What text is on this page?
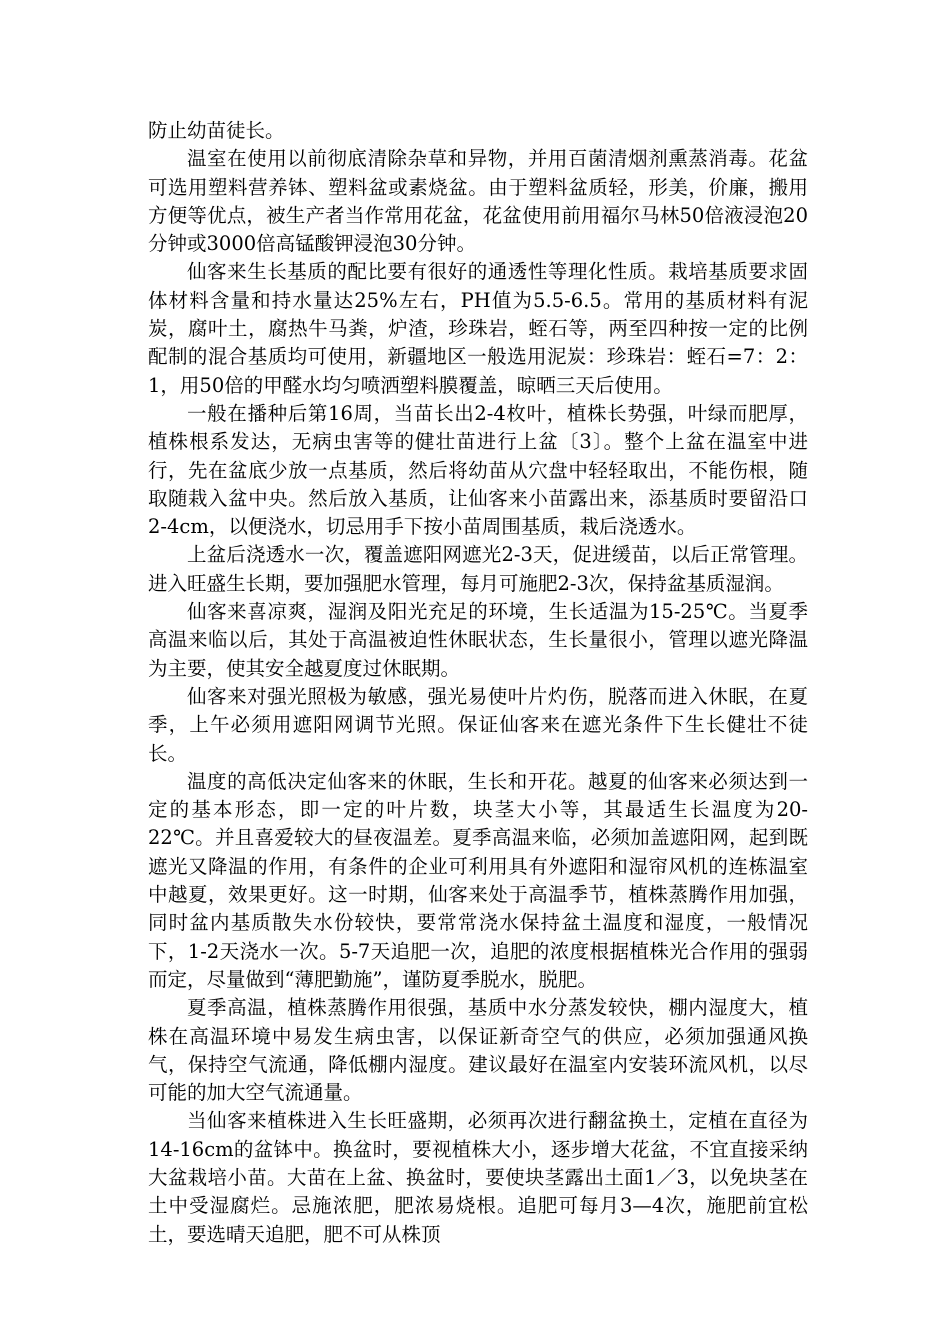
防止幼苗徒长。

温室在使用以前彻底清除杂草和异物，并用百菌清烟剂熏蒸消毒。花盆可选用塑料营养钵、塑料盆或素烧盆。由于塑料盆质轻，形美，价廉，搬用方便等优点，被生产者当作常用花盆，花盆使用前用福尔马林50倍液浸泡20分钟或3000倍高锰酸钾浸泡30分钟。

仙客来生长基质的配比要有很好的通透性等理化性质。栽培基质要求固体材料含量和持水量达25%左右，PH值为5.5-6.5。常用的基质材料有泥炭，腐叶土，腐热牛马粪，炉渣，珍珠岩，蛭石等，两至四种按一定的比例配制的混合基质均可使用，新疆地区一般选用泥炭：珍珠岩：蛭石=7：2：1，用50倍的甲醛水均匀喷洒塑料膜覆盖，晾晒三天后使用。

一般在播种后第16周，当苗长出2-4枚叶，植株长势强，叶绿而肥厚，植株根系发达，无病虫害等的健壮苗进行上盆〔3〕。整个上盆在温室中进行，先在盆底少放一点基质，然后将幼苗从穴盘中轻轻取出，不能伤根，随取随栽入盆中央。然后放入基质，让仙客来小苗露出来，添基质时要留沿口2-4cm，以便浇水，切忌用手下按小苗周围基质，栽后浇透水。

上盆后浇透水一次，覆盖遮阳网遮光2-3天，促进缓苗，以后正常管理。进入旺盛生长期，要加强肥水管理，每月可施肥2-3次，保持盆基质湿润。

仙客来喜凉爽，湿润及阳光充足的环境，生长适温为15-25℃。当夏季高温来临以后，其处于高温被迫性休眠状态，生长量很小，管理以遮光降温为主要，使其安全越夏度过休眠期。

仙客来对强光照极为敏感，强光易使叶片灼伤，脱落而进入休眠，在夏季，上午必须用遮阳网调节光照。保证仙客来在遮光条件下生长健壮不徒长。

温度的高低决定仙客来的休眠，生长和开花。越夏的仙客来必须达到一定的基本形态，即一定的叶片数，块茎大小等，其最适生长温度为20-22℃。并且喜爱较大的昼夜温差。夏季高温来临，必须加盖遮阳网，起到既遮光又降温的作用，有条件的企业可利用具有外遮阳和湿帘风机的连栋温室中越夏，效果更好。这一时期，仙客来处于高温季节，植株蒸腾作用加强，同时盆内基质散失水份较快，要常常浇水保持盆土温度和湿度，一般情况下，1-2天浇水一次。5-7天追肥一次，追肥的浓度根据植株光合作用的强弱而定，尽量做到“薄肥勤施”，谨防夏季脱水，脱肥。

夏季高温，植株蒸腾作用很强，基质中水分蒸发较快，棚内湿度大，植株在高温环境中易发生病虫害，以保证新奇空气的供应，必须加强通风换气，保持空气流通，降低棚内湿度。建议最好在温室内安装环流风机，以尽可能的加大空气流通量。

当仙客来植株进入生长旺盛期，必须再次进行翻盆换土，定植在直径为14-16cm的盆钵中。换盆时，要视植株大小，逐步增大花盆，不宜直接采纳大盆栽培小苗。大苗在上盆、换盆时，要使块茎露出土面1／3，以免块茎在土中受湿腐烂。忌施浓肥，肥浓易烧根。追肥可每月3—4次，施肥前宜松土，要选晴天追肥，肥不可从株顶
